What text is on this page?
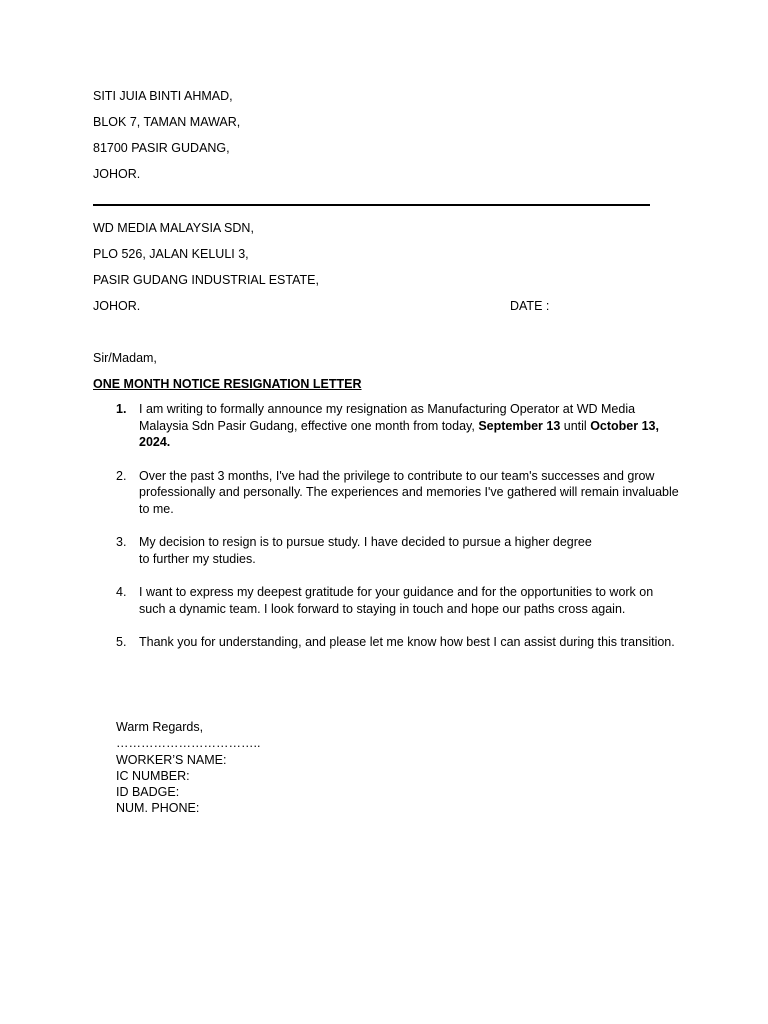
SITI JUIA BINTI AHMAD,
BLOK 7, TAMAN MAWAR,
81700 PASIR GUDANG,
JOHOR.
WD MEDIA MALAYSIA SDN,
PLO 526, JALAN KELULI 3,
PASIR GUDANG INDUSTRIAL ESTATE,
JOHOR.	DATE :
Sir/Madam,
ONE MONTH NOTICE RESIGNATION LETTER
1. I am writing to formally announce my resignation as Manufacturing Operator at WD Media Malaysia Sdn Pasir Gudang, effective one month from today, September 13 until October 13, 2024.
2. Over the past 3 months, I've had the privilege to contribute to our team's successes and grow professionally and personally. The experiences and memories I've gathered will remain invaluable to me.
3. My decision to resign is to pursue study. I have decided to pursue a higher degree
to further my studies.
4. I want to express my deepest gratitude for your guidance and for the opportunities to work on such a dynamic team. I look forward to staying in touch and hope our paths cross again.
5. Thank you for understanding, and please let me know how best I can assist during this transition.
Warm Regards,
……………………………..
WORKER’S NAME:
IC NUMBER:
ID BADGE:
NUM. PHONE:
